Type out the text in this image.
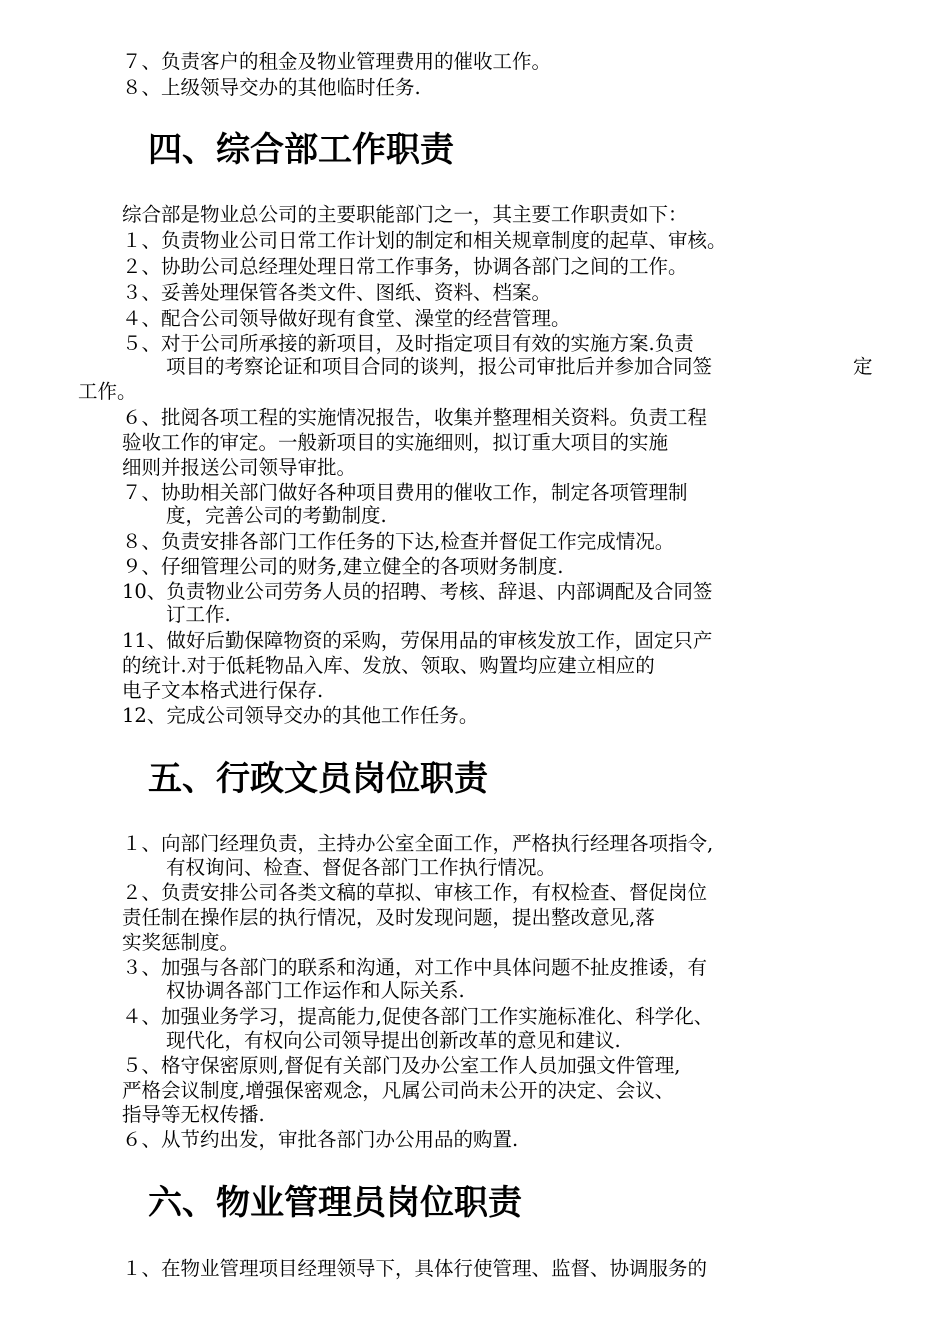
７、负责客户的租金及物业管理费用的催收工作。
８、上级领导交办的其他临时任务.
四、综合部工作职责
综合部是物业总公司的主要职能部门之一，其主要工作职责如下：
１、负责物业公司日常工作计划的制定和相关规章制度的起草、审核。
２、协助公司总经理处理日常工作事务，协调各部门之间的工作。
３、妥善处理保管各类文件、图纸、资料、档案。
４、配合公司领导做好现有食堂、澡堂的经营管理。
５、对于公司所承接的新项目，及时指定项目有效的实施方案.负责
项目的考察论证和项目合同的谈判，报公司审批后并参加合同签	定
工作。
６、批阅各项工程的实施情况报告，收集并整理相关资料。负责工程
验收工作的审定。一般新项目的实施细则，拟订重大项目的实施
细则并报送公司领导审批。
７、协助相关部门做好各种项目费用的催收工作，制定各项管理制
度，完善公司的考勤制度.
８、负责安排各部门工作任务的下达,检查并督促工作完成情况。
９、仔细管理公司的财务,建立健全的各项财务制度.
10、负责物业公司劳务人员的招聘、考核、辞退、内部调配及合同签
订工作.
11、做好后勤保障物资的采购，劳保用品的审核发放工作，固定只产
的统计.对于低耗物品入库、发放、领取、购置均应建立相应的
电子文本格式进行保存.
12、完成公司领导交办的其他工作任务。
五、行政文员岗位职责
１、向部门经理负责，主持办公室全面工作，严格执行经理各项指令,
有权询问、检查、督促各部门工作执行情况。
２、负责安排公司各类文稿的草拟、审核工作，有权检查、督促岗位
责任制在操作层的执行情况，及时发现问题，提出整改意见,落
实奖惩制度。
３、加强与各部门的联系和沟通，对工作中具体问题不扯皮推诿，有
权协调各部门工作运作和人际关系.
４、加强业务学习，提高能力,促使各部门工作实施标准化、科学化、
现代化，有权向公司领导提出创新改革的意见和建议.
５、格守保密原则,督促有关部门及办公室工作人员加强文件管理,
严格会议制度,增强保密观念，凡属公司尚未公开的决定、会议、
指导等无权传播.
６、从节约出发，审批各部门办公用品的购置.
六、物业管理员岗位职责
１、在物业管理项目经理领导下，具体行使管理、监督、协调服务的
